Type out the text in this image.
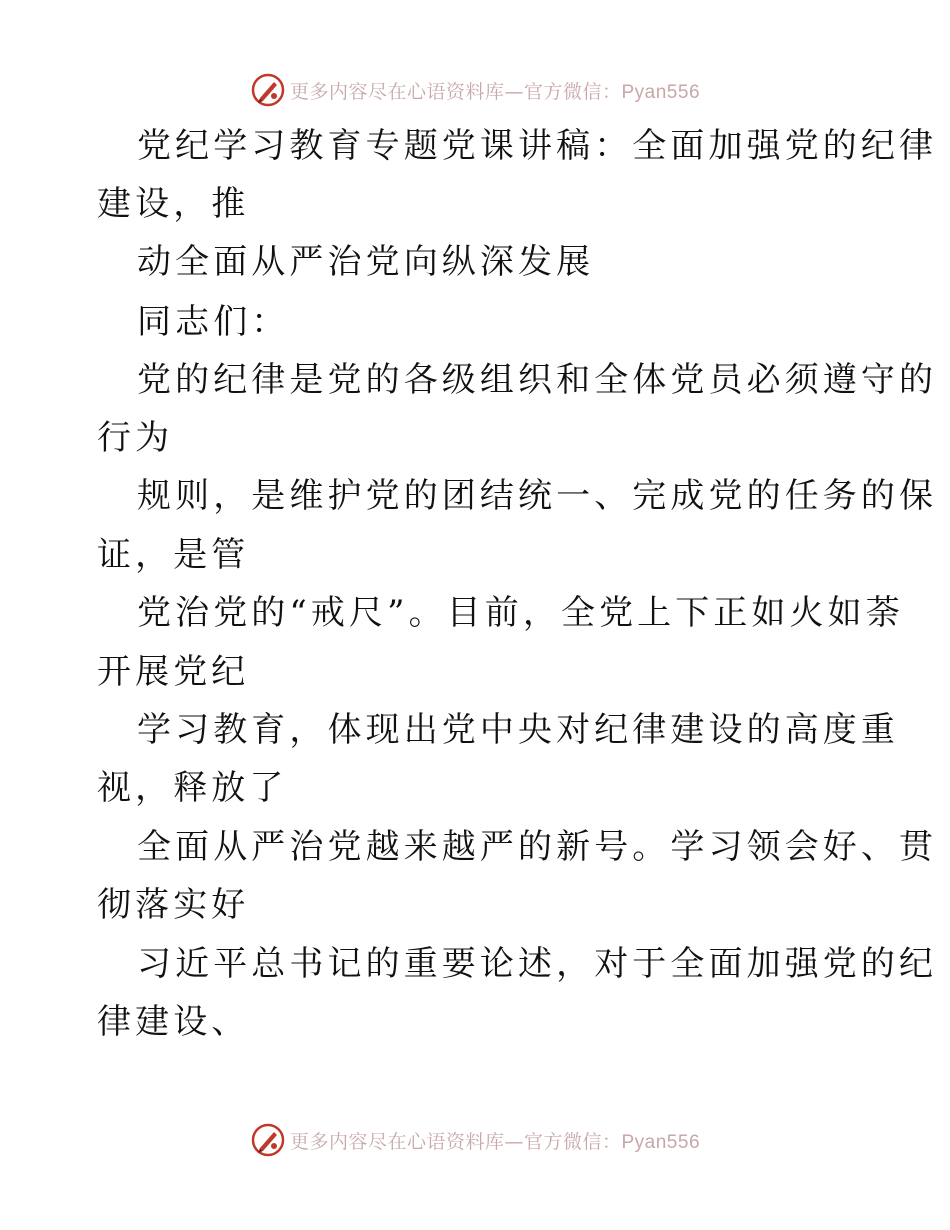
更多内容尽在心语资料库—官方微信：Pyan556
党纪学习教育专题党课讲稿：全面加强党的纪律
建设，推
动全面从严治党向纵深发展
同志们：
党的纪律是党的各级组织和全体党员必须遵守的
行为
规则，是维护党的团结统一、完成党的任务的保
证，是管
党治党的“戒尺”。目前，全党上下正如火如荼
开展党纪
学习教育，体现出党中央对纪律建设的高度重
视，释放了
全面从严治党越来越严的新号。学习领会好、贯
彻落实好
习近平总书记的重要论述，对于全面加强党的纪
律建设、
更多内容尽在心语资料库—官方微信：Pyan556
